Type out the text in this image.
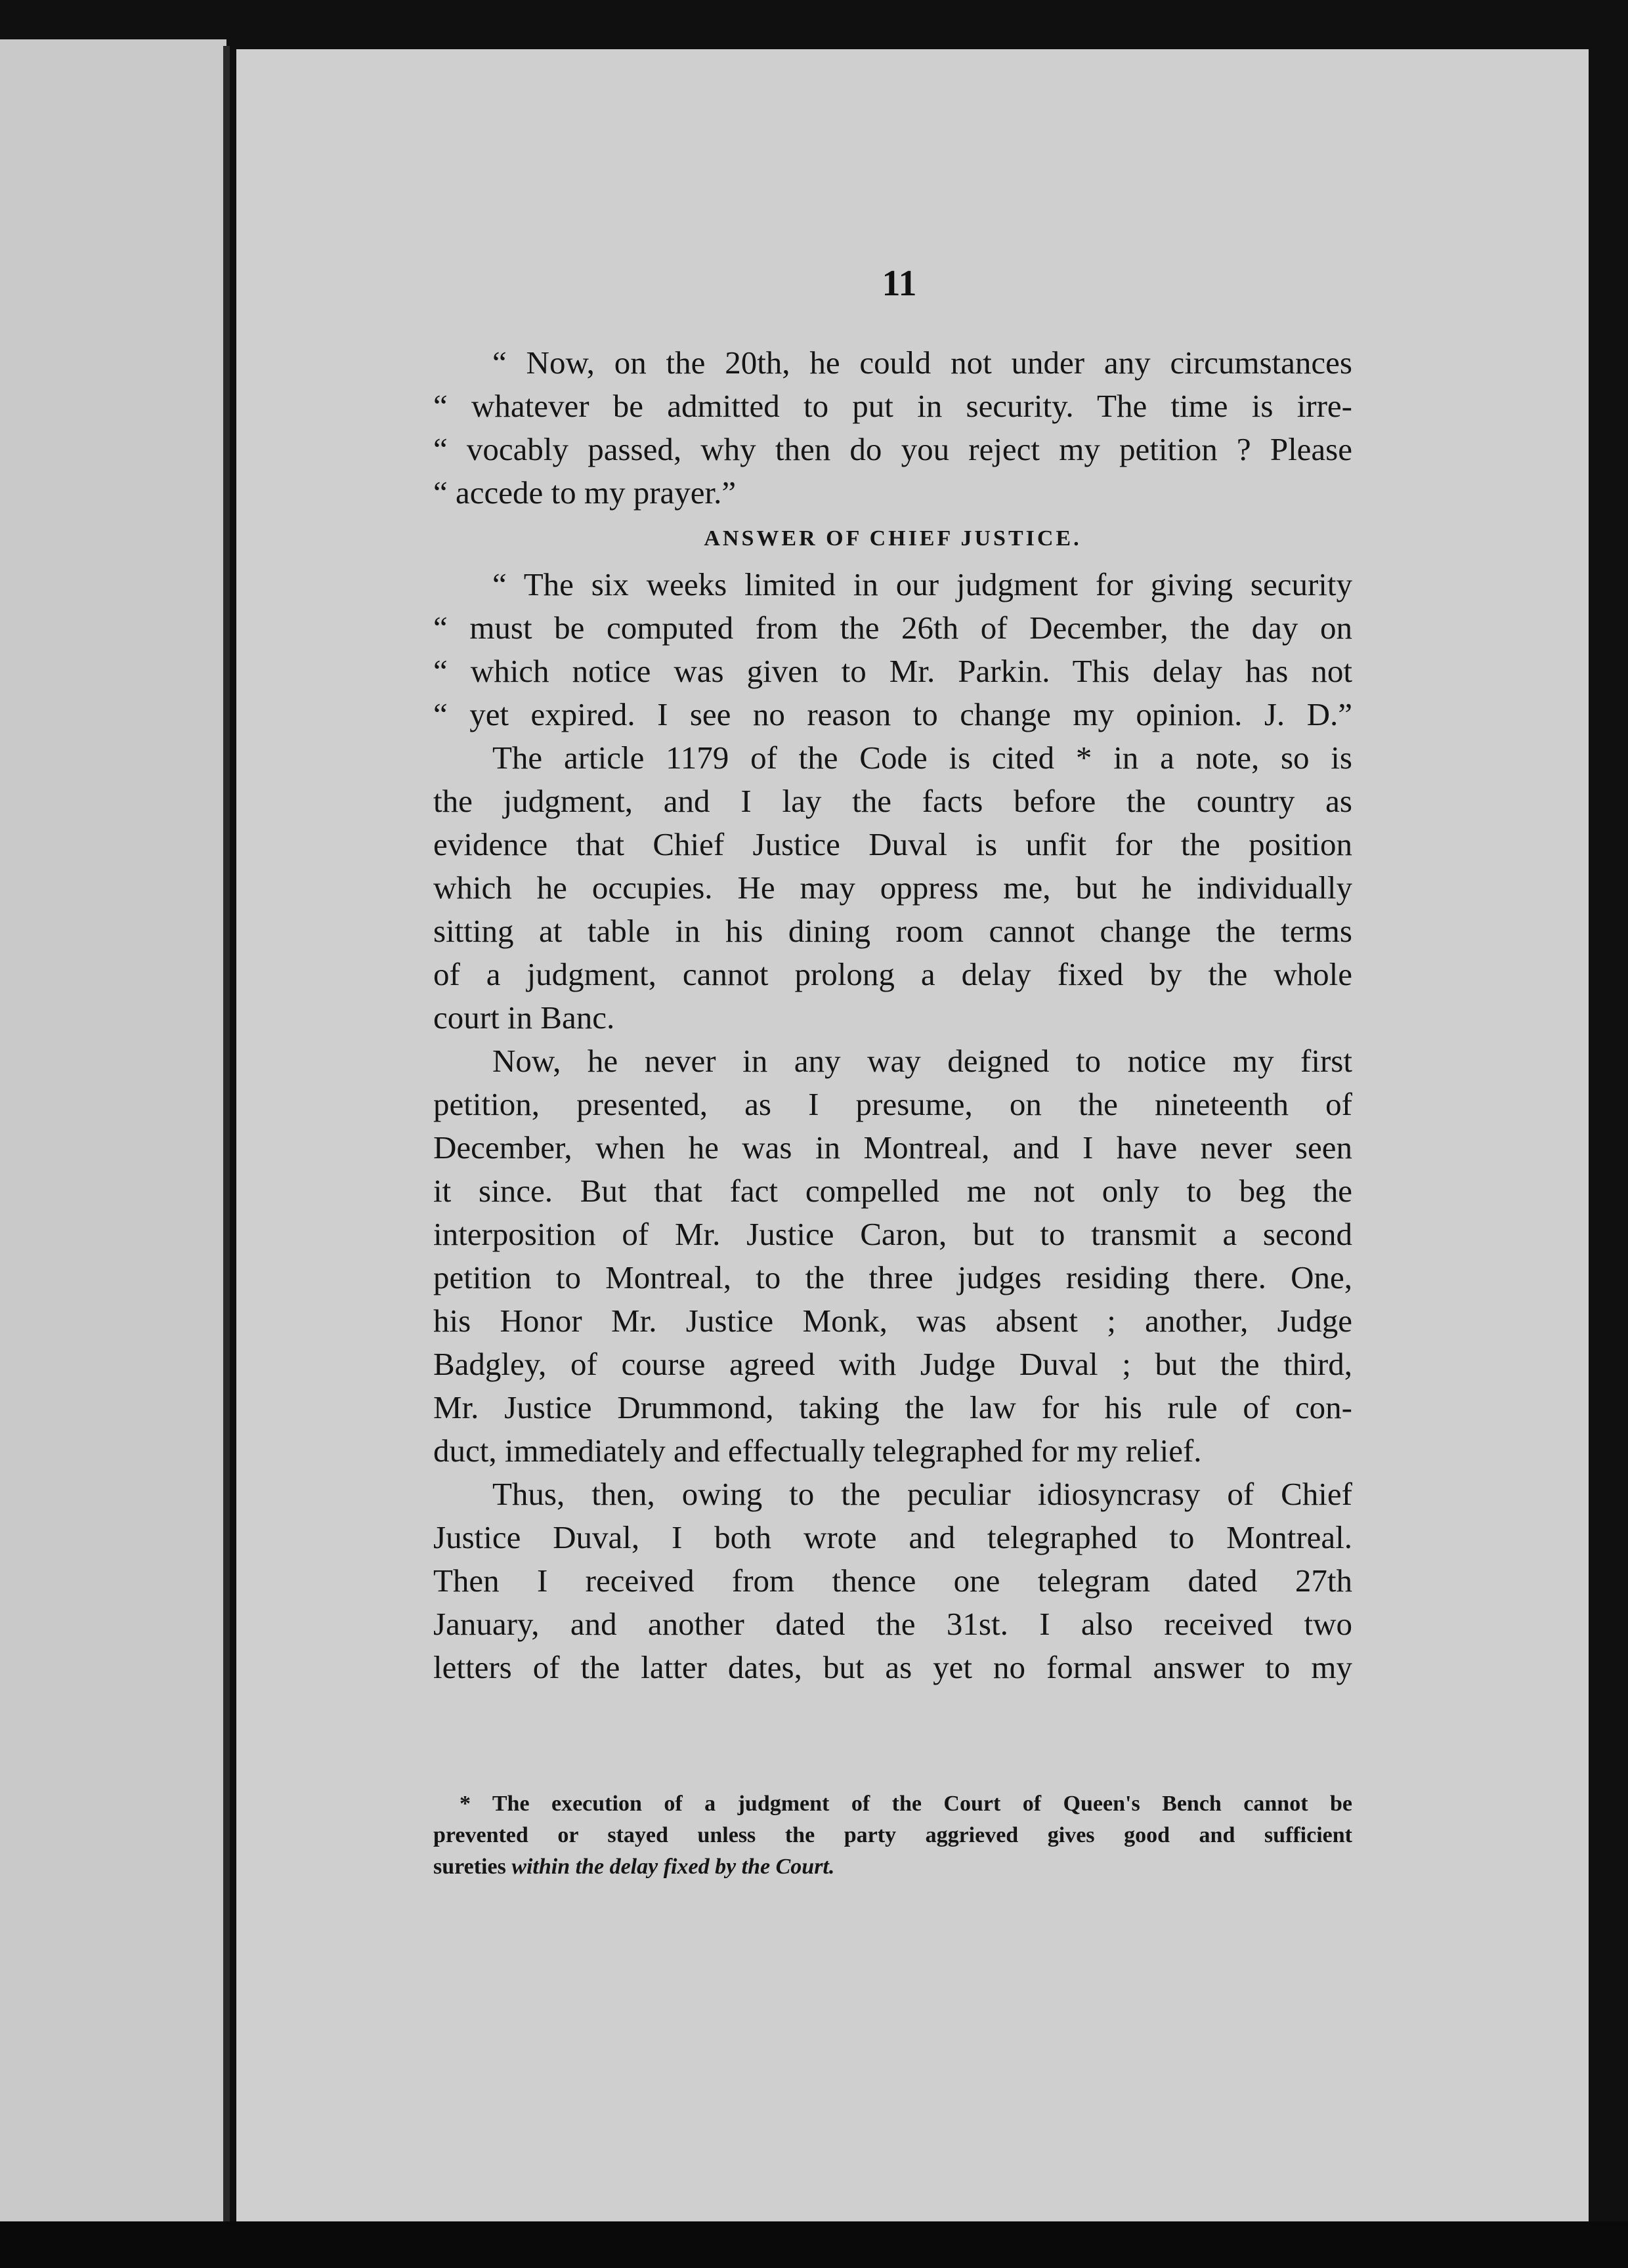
11
“ Now, on the 20th, he could not under any circumstances
“ whatever be admitted to put in security. The time is irre-
“ vocably passed, why then do you reject my petition ? Please
“ accede to my prayer.”
ANSWER OF CHIEF JUSTICE.
“ The six weeks limited in our judgment for giving security
“ must be computed from the 26th of December, the day on
“ which notice was given to Mr. Parkin. This delay has not
“ yet expired. I see no reason to change my opinion. J. D.”
The article 1179 of the Code is cited * in a note, so is
the judgment, and I lay the facts before the country as
evidence that Chief Justice Duval is unfit for the position
which he occupies. He may oppress me, but he individually
sitting at table in his dining room cannot change the terms
of a judgment, cannot prolong a delay fixed by the whole
court in Banc.
Now, he never in any way deigned to notice my first
petition, presented, as I presume, on the nineteenth of
December, when he was in Montreal, and I have never seen
it since. But that fact compelled me not only to beg the
interposition of Mr. Justice Caron, but to transmit a second
petition to Montreal, to the three judges residing there. One,
his Honor Mr. Justice Monk, was absent ; another, Judge
Badgley, of course agreed with Judge Duval ; but the third,
Mr. Justice Drummond, taking the law for his rule of con-
duct, immediately and effectually telegraphed for my relief.
Thus, then, owing to the peculiar idiosyncrasy of Chief
Justice Duval, I both wrote and telegraphed to Montreal.
Then I received from thence one telegram dated 27th
January, and another dated the 31st. I also received two
letters of the latter dates, but as yet no formal answer to my
* The execution of a judgment of the Court of Queen's Bench cannot be
prevented or stayed unless the party aggrieved gives good and sufficient
sureties within the delay fixed by the Court.
